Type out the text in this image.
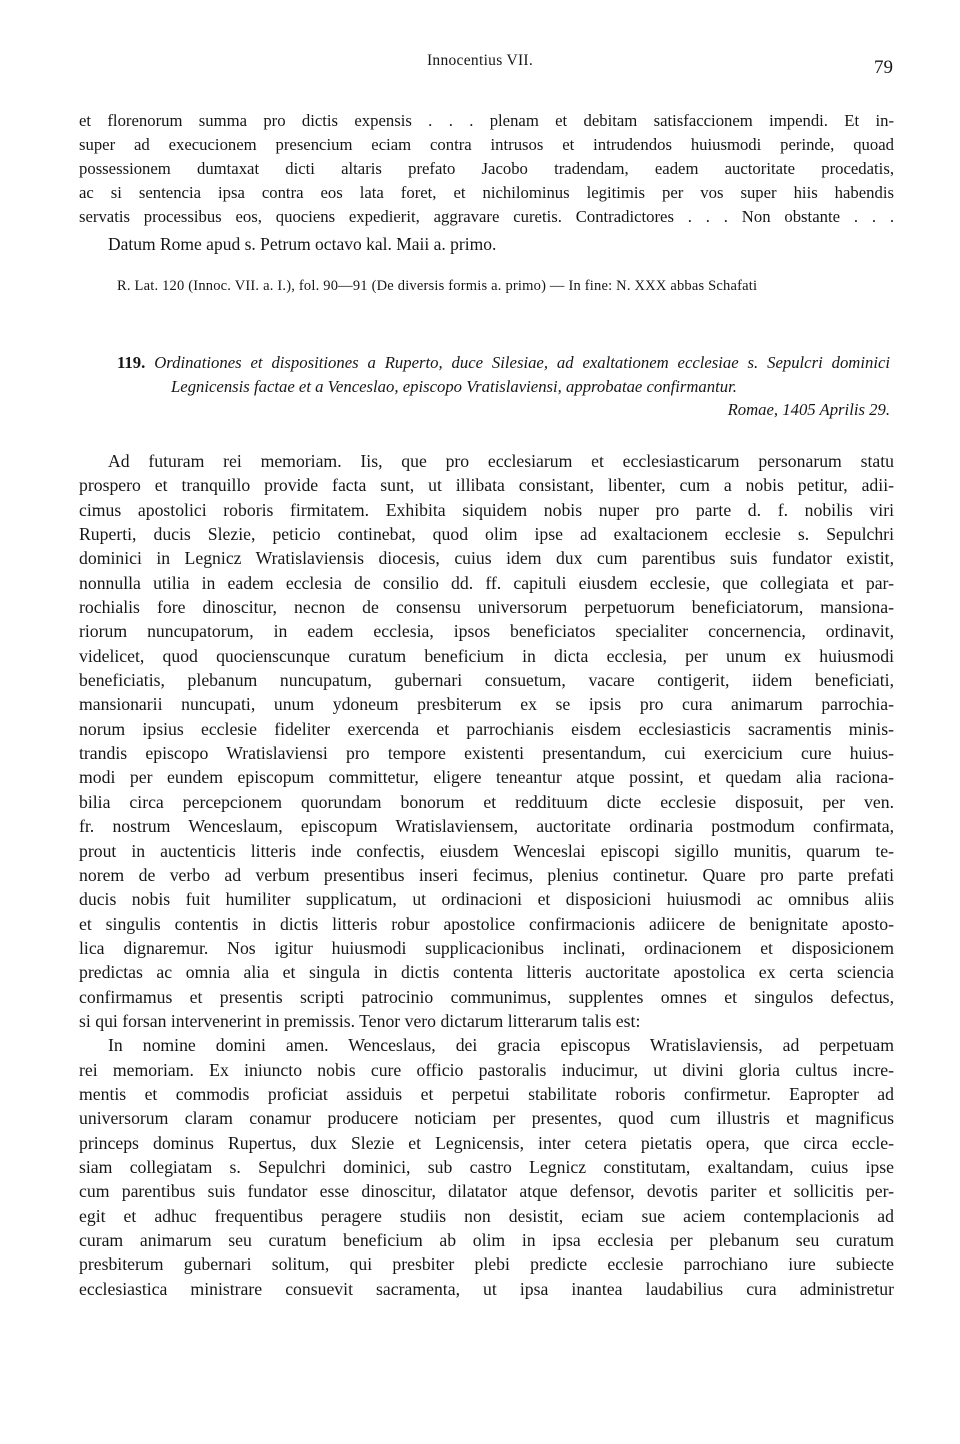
Innocentius VII.	79
et florenorum summa pro dictis expensis . . . plenam et debitam satisfaccionem impendi. Et in-
super ad execucionem presencium eciam contra intrusos et intrudendos huiusmodi perinde, quoad
possessionem dumtaxat dicti altaris prefato Jacobo tradendam, eadem auctoritate procedatis,
ac si sentencia ipsa contra eos lata foret, et nichilominus legitimis per vos super hiis habendis
servatis processibus eos, quociens expedierit, aggravare curetis. Contradictores . . . Non obstante . . .
Datum Rome apud s. Petrum octavo kal. Maii a. primo.
R. Lat. 120 (Innoc. VII. a. I.), fol. 90—91 (De diversis formis a. primo) — In fine: N. XXX abbas Schafati
119. Ordinationes et dispositiones a Ruperto, duce Silesiae, ad exaltationem ecclesiae s. Sepulcri dominici
Legnicensis factae et a Venceslao, episcopo Vratislaviensi, approbatae confirmantur.
Romae, 1405 Aprilis 29.
Ad futuram rei memoriam. Iis, que pro ecclesiarum et ecclesiasticarum personarum statu
prospero et tranquillo provide facta sunt, ut illibata consistant, libenter, cum a nobis petitur, adii-
cimus apostolici roboris firmitatem. Exhibita siquidem nobis nuper pro parte d. f. nobilis viri
Ruperti, ducis Slezie, peticio continebat, quod olim ipse ad exaltacionem ecclesie s. Sepulchri
dominici in Legnicz Wratislaviensis diocesis, cuius idem dux cum parentibus suis fundator existit,
nonnulla utilia in eadem ecclesia de consilio dd. ff. capituli eiusdem ecclesie, que collegiata et par-
rochialis fore dinoscitur, necnon de consensu universorum perpetuorum beneficiatorum, mansiona-
riorum nuncupatorum, in eadem ecclesia, ipsos beneficiatos specialiter concernencia, ordinavit,
videlicet, quod quocienscunque curatum beneficium in dicta ecclesia, per unum ex huiusmodi
beneficiatis, plebanum nuncupatum, gubernari consuetum, vacare contigerit, iidem beneficiati,
mansionarii nuncupati, unum ydoneum presbiterum ex se ipsis pro cura animarum parrochia-
norum ipsius ecclesie fideliter exercenda et parrochianis eisdem ecclesiasticis sacramentis minis-
trandis episcopo Wratislaviensi pro tempore existenti presentandum, cui exercicium cure huius-
modi per eundem episcopum committetur, eligere teneantur atque possint, et quedam alia raciona-
bilia circa percepcionem quorundam bonorum et reddituum dicte ecclesie disposuit, per ven.
fr. nostrum Wenceslaum, episcopum Wratislaviensem, auctoritate ordinaria postmodum confirmata,
prout in auctenticis litteris inde confectis, eiusdem Wenceslai episcopi sigillo munitis, quarum te-
norem de verbo ad verbum presentibus inseri fecimus, plenius continetur. Quare pro parte prefati
ducis nobis fuit humiliter supplicatum, ut ordinacioni et disposicioni huiusmodi ac omnibus aliis
et singulis contentis in dictis litteris robur apostolice confirmacionis adiicere de benignitate aposto-
lica dignaremur. Nos igitur huiusmodi supplicacionibus inclinati, ordinacionem et disposicionem
predictas ac omnia alia et singula in dictis contenta litteris auctoritate apostolica ex certa sciencia
confirmamus et presentis scripti patrocinio communimus, supplentes omnes et singulos defectus,
si qui forsan intervenerint in premissis. Tenor vero dictarum litterarum talis est:
In nomine domini amen. Wenceslaus, dei gracia episcopus Wratislaviensis, ad perpetuam
rei memoriam. Ex iniuncto nobis cure officio pastoralis inducimur, ut divini gloria cultus incre-
mentis et commodis proficiat assiduis et perpetui stabilitate roboris confirmetur. Eapropter ad
universorum claram conamur producere noticiam per presentes, quod cum illustris et magnificus
princeps dominus Rupertus, dux Slezie et Legnicensis, inter cetera pietatis opera, que circa eccle-
siam collegiatam s. Sepulchri dominici, sub castro Legnicz constitutam, exaltandam, cuius ipse
cum parentibus suis fundator esse dinoscitur, dilatator atque defensor, devotis pariter et sollicitis per-
egit et adhuc frequentibus peragere studiis non desistit, eciam sue aciem contemplacionis ad
curam animarum seu curatum beneficium ab olim in ipsa ecclesia per plebanum seu curatum
presbiterum gubernari solitum, qui presbiter plebi predicte ecclesie parrochiano iure subiecte
ecclesiastica ministrare consuevit sacramenta, ut ipsa inantea laudabilius cura administretur
